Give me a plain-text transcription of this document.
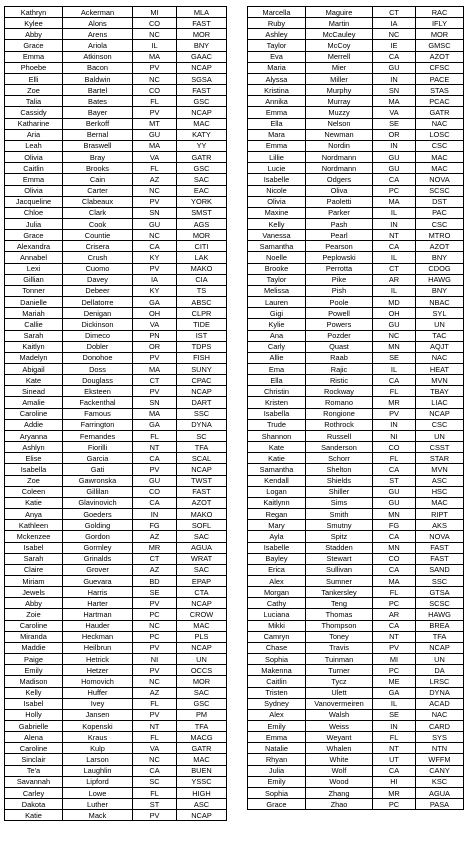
Kathryn	Ackerman	MI	MLA
Kylee	Alons	CO	FAST
Abby	Arens	NC	MOR
Grace	Ariola	IL	BNY
Emma	Atkinson	MA	GAAC
Phoebe	Bacon	PV	NCAP
Elli	Baldwin	NC	SGSA
Zoe	Bartel	CO	FAST
Talia	Bates	FL	GSC
Cassidy	Bayer	PV	NCAP
Katharine	Berkoff	MT	MAC
Aria	Bernal	GU	KATY
Leah	Braswell	MA	YY
Olivia	Bray	VA	GATR
Caitlin	Brooks	FL	GSC
Emma	Cain	AZ	SAC
Olivia	Carter	NC	EAC
Jacqueline	Clabeaux	PV	YORK
Chloe	Clark	SN	SMST
Julia	Cook	GU	AGS
Grace	Countie	NC	MOR
Alexandra	Crisera	CA	CITI
Annabel	Crush	KY	LAK
Lexi	Cuomo	PV	MAKO
Gillian	Davey	IA	CIA
Tonner	Debeer	KY	TS
Danielle	Dellatorre	GA	ABSC
Mariah	Denigan	OH	CLPR
Callie	Dickinson	VA	TIDE
Sarah	Dimeco	PN	IST
Kaitlyn	Dobler	OR	TDPS
Madelyn	Donohoe	PV	FISH
Abigail	Doss	MA	SUNY
Kate	Douglass	CT	CPAC
Sinead	Eksteen	PV	NCAP
Amalie	Fackenthal	SN	DART
Caroline	Famous	MA	SSC
Addie	Farrington	GA	DYNA
Aryanna	Fernandes	FL	SC
Ashlyn	Fiorilli	NT	TFA
Elise	Garcia	CA	SCAL
Isabella	Gati	PV	NCAP
Zoe	Gawronska	GU	TWST
Coleen	Gillilan	CO	FAST
Katie	Glavinovich	CA	AZOT
Anya	Goeders	IN	MAKO
Kathleen	Golding	FG	SOFL
Mckenzee	Gordon	AZ	SAC
Isabel	Gormley	MR	AGUA
Sarah	Grinalds	CT	WRAT
Claire	Grover	AZ	SAC
Miriam	Guevara	BD	EPAP
Jewels	Harris	SE	CTA
Abby	Harter	PV	NCAP
Zoie	Hartman	PC	CROW
Caroline	Hauder	NC	MAC
Miranda	Heckman	PC	PLS
Maddie	Heilbrun	PV	NCAP
Paige	Hetrick	NI	UN
Emily	Hetzer	PV	OCCS
Madison	Homovich	NC	MOR
Kelly	Huffer	AZ	SAC
Isabel	Ivey	FL	GSC
Holly	Jansen	PV	PM
Gabrielle	Kopenski	NT	TFA
Alena	Kraus	FL	MACG
Caroline	Kulp	VA	GATR
Sinclair	Larson	NC	MAC
Te'a	Laughlin	CA	BUEN
Savannah	Lipford	SC	YSSC
Carley	Lowe	FL	HIGH
Dakota	Luther	ST	ASC
Katie	Mack	PV	NCAP
Marcella	Maguire	CT	RAC
Ruby	Martin	IA	IFLY
Ashley	McCauley	NC	MOR
Taylor	McCoy	IE	GMSC
Eva	Merrell	CA	AZOT
Maria	Mier	GU	CFSC
Alyssa	Miller	IN	PACE
Kristina	Murphy	SN	STAS
Annika	Murray	MA	PCAC
Emma	Muzzy	VA	GATR
Ella	Nelson	SE	NAC
Mara	Newman	OR	LOSC
Emma	Nordin	IN	CSC
Lillie	Nordmann	GU	MAC
Lucie	Nordmann	GU	MAC
Isabelle	Odgers	CA	NOVA
Nicole	Oliva	PC	SCSC
Olivia	Paoletti	MA	DST
Maxine	Parker	IL	PAC
Kelly	Pash	IN	CSC
Vanessa	Pearl	NT	MTRO
Samantha	Pearson	CA	AZOT
Noelle	Peplowski	IL	BNY
Brooke	Perrotta	CT	CDOG
Taylor	Pike	AR	HAWG
Melissa	Pish	IL	BNY
Lauren	Poole	MD	NBAC
Gigi	Powell	OH	SYL
Kylie	Powers	GU	UN
Ana	Pozder	NC	TAC
Carly	Quast	MN	AQJT
Allie	Raab	SE	NAC
Ema	Rajic	IL	HEAT
Ella	Ristic	CA	MVN
Christin	Rockway	FL	TBAY
Kristen	Romano	MR	LIAC
Isabella	Rongione	PV	NCAP
Trude	Rothrock	IN	CSC
Shannon	Russell	NI	UN
Kate	Sanderson	CO	CSST
Katie	Schorr	FL	STAR
Samantha	Shelton	CA	MVN
Kendall	Shields	ST	ASC
Logan	Shiller	GU	HSC
Kaitlynn	Sims	GU	MAC
Regan	Smith	MN	RIPT
Mary	Smutny	FG	AKS
Ayla	Spitz	CA	NOVA
Isabelle	Stadden	MN	FAST
Bayley	Stewart	CO	FAST
Erica	Sullivan	CA	SAND
Alex	Sumner	MA	SSC
Morgan	Tankersley	FL	GTSA
Cathy	Teng	PC	SCSC
Luciana	Thomas	AR	HAWG
Mikki	Thompson	CA	BREA
Camryn	Toney	NT	TFA
Chase	Travis	PV	NCAP
Sophia	Tuinman	MI	UN
Makenna	Turner	PC	DA
Caitlin	Tycz	ME	LRSC
Tristen	Ulett	GA	DYNA
Sydney	Vanovermeiren	IL	ACAD
Alex	Walsh	SE	NAC
Emily	Weiss	IN	CARD
Emma	Weyant	FL	SYS
Natalie	Whalen	NT	NTN
Rhyan	White	UT	WFFM
Julia	Wolf	CA	CANY
Emily	Wood	HI	KSC
Sophia	Zhang	MR	AGUA
Grace	Zhao	PC	PASA
